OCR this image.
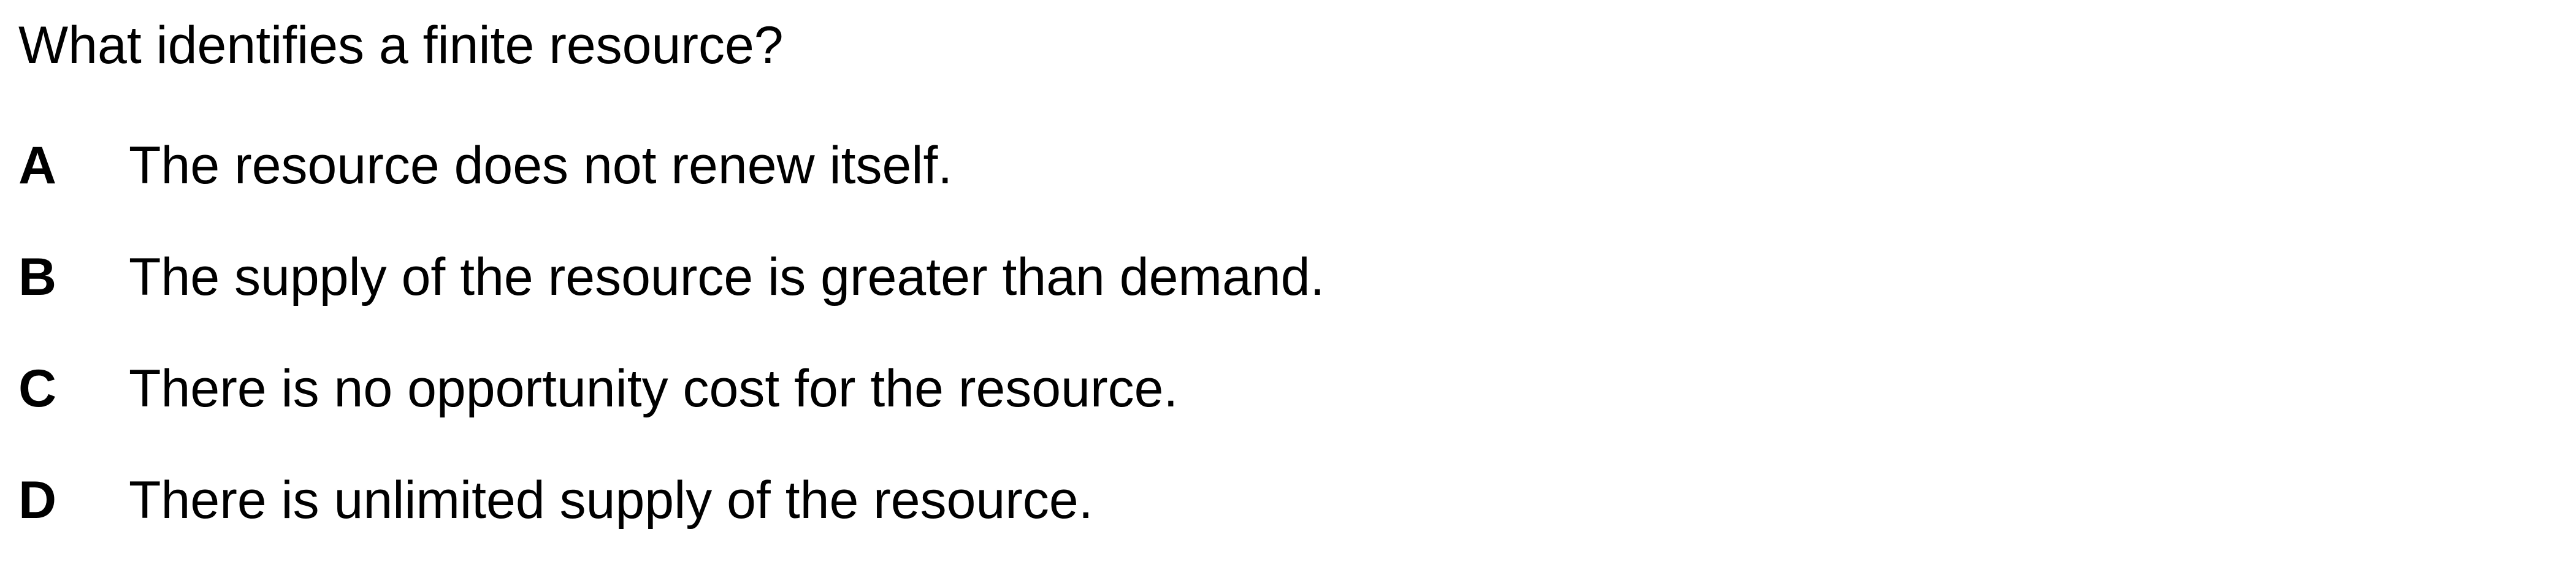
What identifies a finite resource?
A The resource does not renew itself.
B The supply of the resource is greater than demand.
C There is no opportunity cost for the resource.
D There is unlimited supply of the resource.
